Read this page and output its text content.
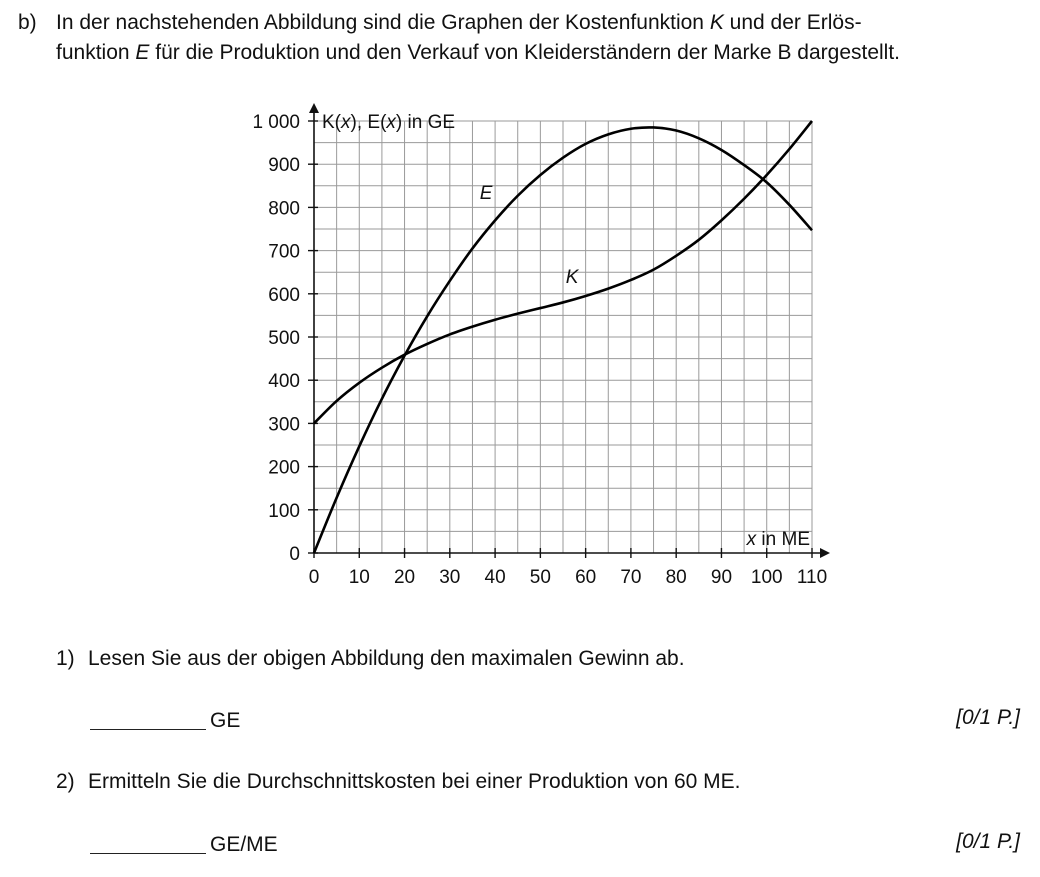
b) In der nachstehenden Abbildung sind die Graphen der Kostenfunktion K und der Erlös-
funktion E für die Produktion und den Verkauf von Kleiderständern der Marke B dargestellt.
0 10 20 30 40 50 60 70 80 90 100 110
0
100
200
300
400
500
600
700
800
900
1 000 K(x), E(x) in GE
x in ME
E
K
1) Lesen Sie aus der obigen Abbildung den maximalen Gewinn ab.
GE	[0/1 P.]
2) Ermitteln Sie die Durchschnittskosten bei einer Produktion von 60 ME.
GE/ME	[0/1 P.]
